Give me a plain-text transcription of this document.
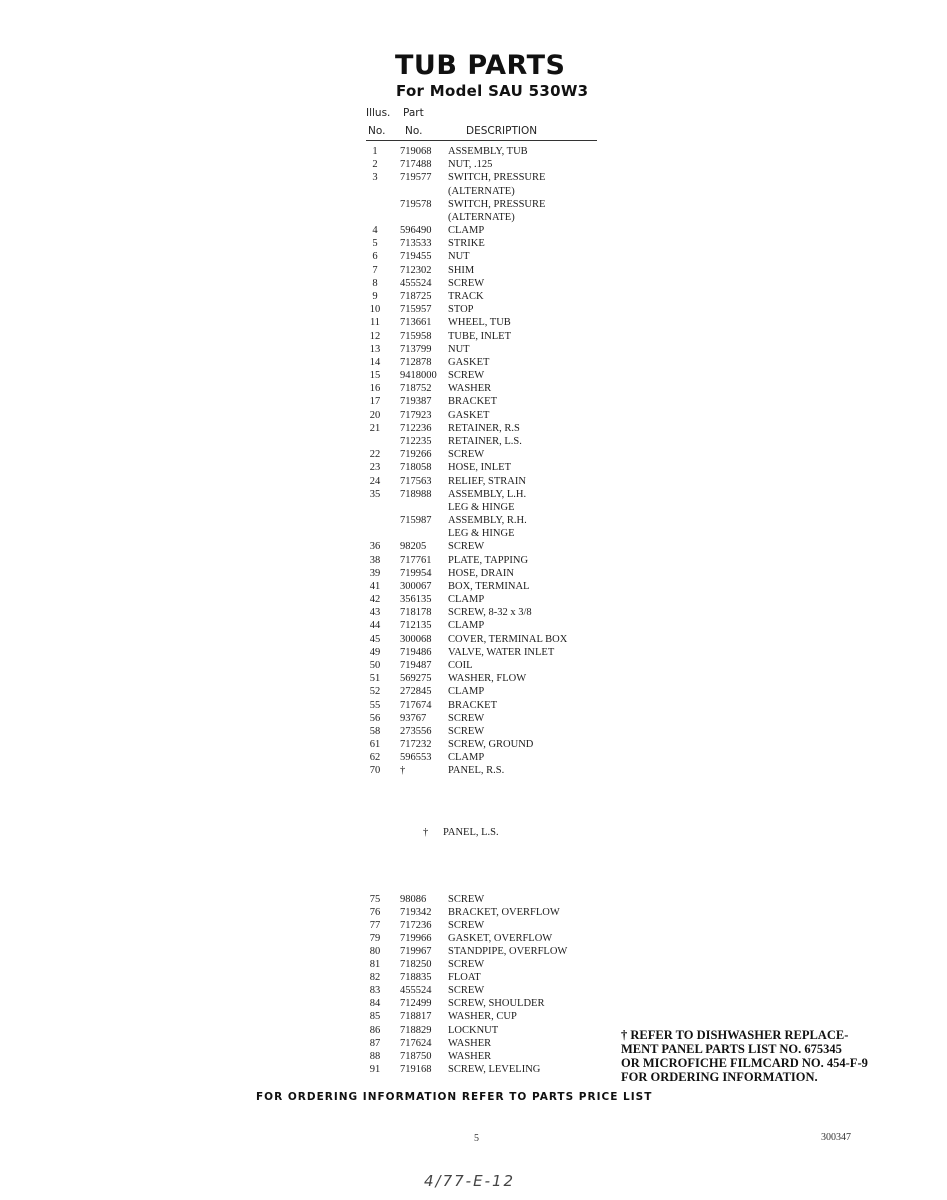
TUB PARTS
For Model SAU 530W3
Illus. Part
No. No.	DESCRIPTION
1	719068 ASSEMBLY, TUB
2	717488 NUT, .125
3	719577 SWITCH, PRESSURE
(ALTERNATE)
719578 SWITCH, PRESSURE
(ALTERNATE)
4	596490 CLAMP
5	713533 STRIKE
6	719455 NUT
7	712302 SHIM
8	455524 SCREW
9	718725 TRACK
10	715957 STOP
11	713661 WHEEL, TUB
12	715958 TUBE, INLET
13	713799 NUT
14	712878 GASKET
15	9418000 SCREW
16	718752 WASHER
17	719387 BRACKET
20	717923 GASKET
21	712236 RETAINER, R.S
712235 RETAINER, L.S.
22	719266 SCREW
23	718058 HOSE, INLET
24	717563 RELIEF, STRAIN
35	718988 ASSEMBLY, L.H.
LEG & HINGE
715987 ASSEMBLY, R.H.
LEG & HINGE
36	98205 SCREW
38	717761 PLATE, TAPPING
39	719954 HOSE, DRAIN
41	300067 BOX, TERMINAL
42	356135 CLAMP
43	718178 SCREW, 8-32 x 3/8
44	712135 CLAMP
45	300068 COVER, TERMINAL BOX
49	719486 VALVE, WATER INLET
50	719487 COIL
51	569275 WASHER, FLOW
52	272845 CLAMP
55	717674 BRACKET
56	93767 SCREW
58	273556 SCREW
61	717232 SCREW, GROUND
62	596553 CLAMP
70	†	PANEL, R.S.
† PANEL, L.S.
75	98086 SCREW
76	719342 BRACKET, OVERFLOW
77	717236 SCREW
79	719966 GASKET, OVERFLOW
80	719967 STANDPIPE, OVERFLOW
81	718250 SCREW
82	718835 FLOAT
83	455524 SCREW
84	712499 SCREW, SHOULDER
85	718817 WASHER, CUP
86	718829 LOCKNUT
87	717624 WASHER
88	718750 WASHER
91	719168 SCREW, LEVELING
† REFER TO DISHWASHER REPLACE-
MENT PANEL PARTS LIST NO. 675345
OR MICROFICHE FILMCARD NO. 454-F-9
FOR ORDERING INFORMATION.
FOR ORDERING INFORMATION REFER TO PARTS PRICE LIST
5	300347
4/77-E-12
